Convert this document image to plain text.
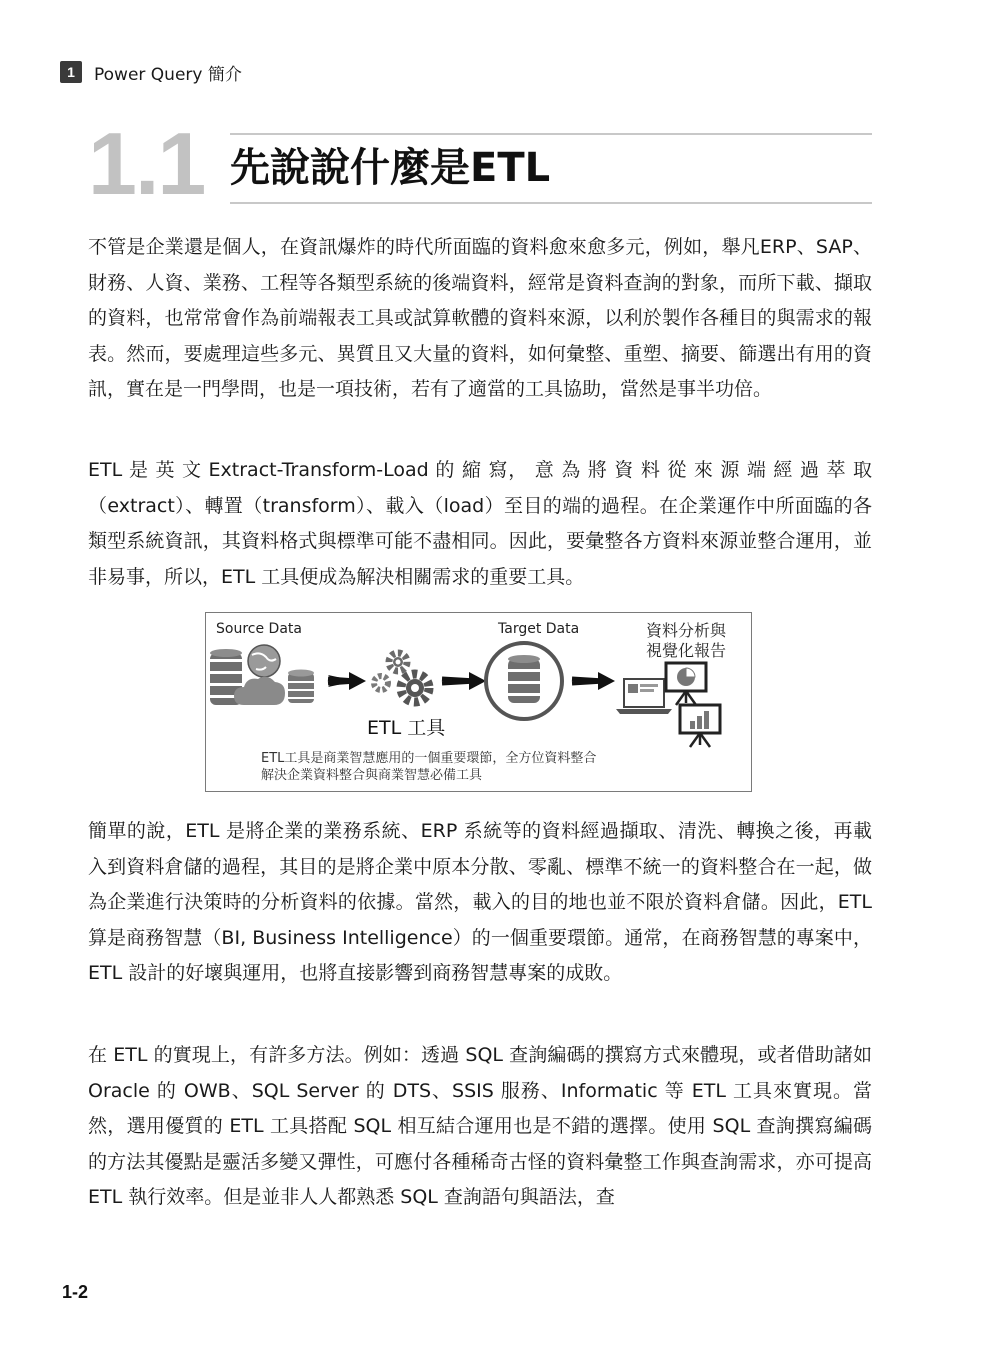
1	Power Query 簡介
1.1 先說說什麼是ETL
不管是企業還是個人，在資訊爆炸的時代所面臨的資料愈來愈多元，例如，舉凡ERP、SAP、財務、人資、業務、工程等各類型系統的後端資料，經常是資料查詢的對象，而所下載、擷取的資料，也常常會作為前端報表工具或試算軟體的資料來源，以利於製作各種目的與需求的報表。然而，要處理這些多元、異質且又大量的資料，如何彙整、重塑、摘要、篩選出有用的資訊，實在是一門學問，也是一項技術，若有了適當的工具協助，當然是事半功倍。
ETL 是 英 文 Extract-Transform-Load 的 縮 寫， 意 為 將 資 料 從 來 源 端 經 過 萃 取（extract）、轉置（transform）、載入（load）至目的端的過程。在企業運作中所面臨的各類型系統資訊，其資料格式與標準可能不盡相同。因此，要彙整各方資料來源並整合運用，並非易事，所以，ETL 工具便成為解決相關需求的重要工具。
Source Data	Target Data	資料分析與
視覺化報告
ETL 工具
ETL工具是商業智慧應用的一個重要環節，全方位資料整合
解決企業資料整合與商業智慧必備工具
簡單的說，ETL 是將企業的業務系統、ERP 系統等的資料經過擷取、清洗、轉換之後，再載入到資料倉儲的過程，其目的是將企業中原本分散、零亂、標準不統一的資料整合在一起，做為企業進行決策時的分析資料的依據。當然，載入的目的地也並不限於資料倉儲。因此，ETL 算是商務智慧（BI, Business Intelligence）的一個重要環節。通常，在商務智慧的專案中，ETL 設計的好壞與運用，也將直接影響到商務智慧專案的成敗。
在 ETL 的實現上，有許多方法。例如：透過 SQL 查詢編碼的撰寫方式來體現，或者借助諸如 Oracle 的 OWB、SQL Server 的 DTS、SSIS 服務、Informatic 等 ETL 工具來實現。當然，選用優質的 ETL 工具搭配 SQL 相互結合運用也是不錯的選擇。使用 SQL 查詢撰寫編碼的方法其優點是靈活多變又彈性，可應付各種稀奇古怪的資料彙整工作與查詢需求，亦可提高 ETL 執行效率。但是並非人人都熟悉 SQL 查詢語句與語法，查
1-2
